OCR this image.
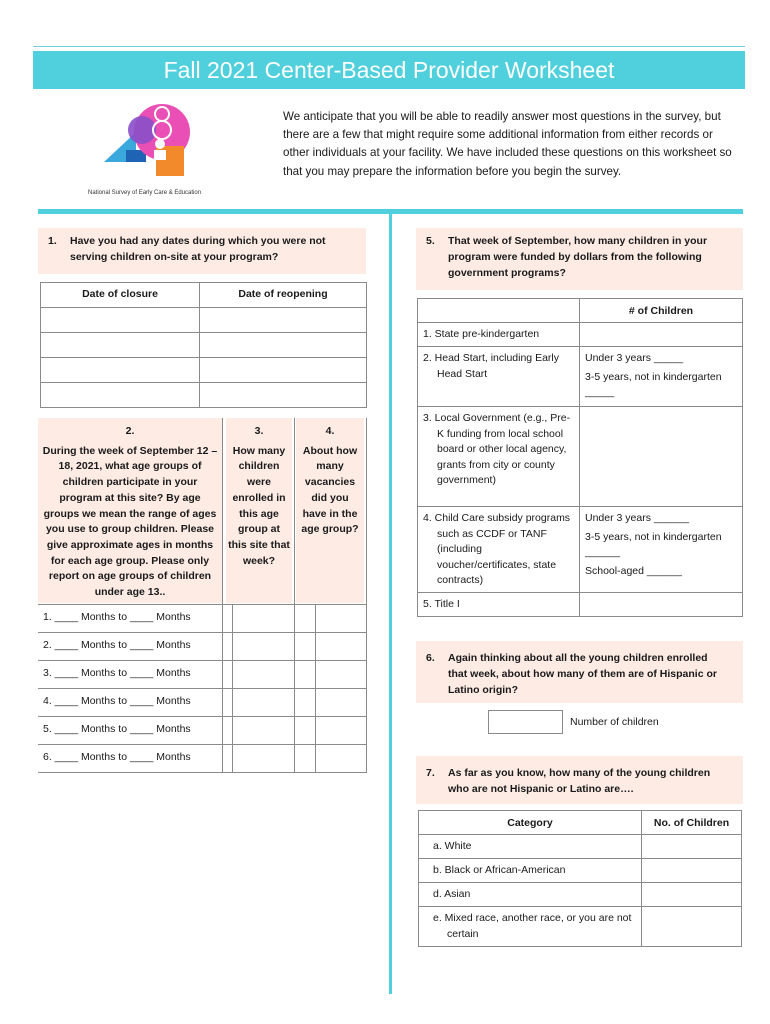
Fall 2021 Center-Based Provider Worksheet
National Survey of Early Care & Education
We anticipate that you will be able to readily answer most questions in the survey, but there are a few that might require some additional information from either records or other individuals at your facility. We have included these questions on this worksheet so that you may prepare the information before you begin the survey.
1. Have you had any dates during which you were not serving children on-site at your program?
Date of closure	Date of reopening

2.
During the week of September 12 – 18, 2021, what age groups of children participate in your program at this site? By age groups we mean the range of ages you use to group children. Please give approximate ages in months for each age group. Please only report on age groups of children under age 13..
3.
How many children were enrolled in this age group at this site that week?
4.
About how many vacancies did you have in the age group?
1. ____ Months to ____ Months		
2. ____ Months to ____ Months		
3. ____ Months to ____ Months		
4. ____ Months to ____ Months		
5. ____ Months to ____ Months		
6. ____ Months to ____ Months		
5. That week of September, how many children in your program were funded by dollars from the following government programs?
	# of Children
1. State pre-kindergarten	
2. Head Start, including Early Head Start	Under 3 years _____
3-5 years, not in kindergarten _____

3. Local Government (e.g., Pre-K funding from local school board or other local agency, grants from city or county government)	
4. Child Care subsidy programs such as CCDF or TANF (including voucher/certificates, state contracts)	Under 3 years ______
3-5 years, not in kindergarten ______
School-aged ______

5. Title I	
6. Again thinking about all the young children enrolled that week, about how many of them are of Hispanic or Latino origin?
Number of children
7. As far as you know, how many of the young children who are not Hispanic or Latino are….
Category	No. of Children
a. White	
b. Black or African-American	
d. Asian	
e. Mixed race, another race, or you are not certain	
